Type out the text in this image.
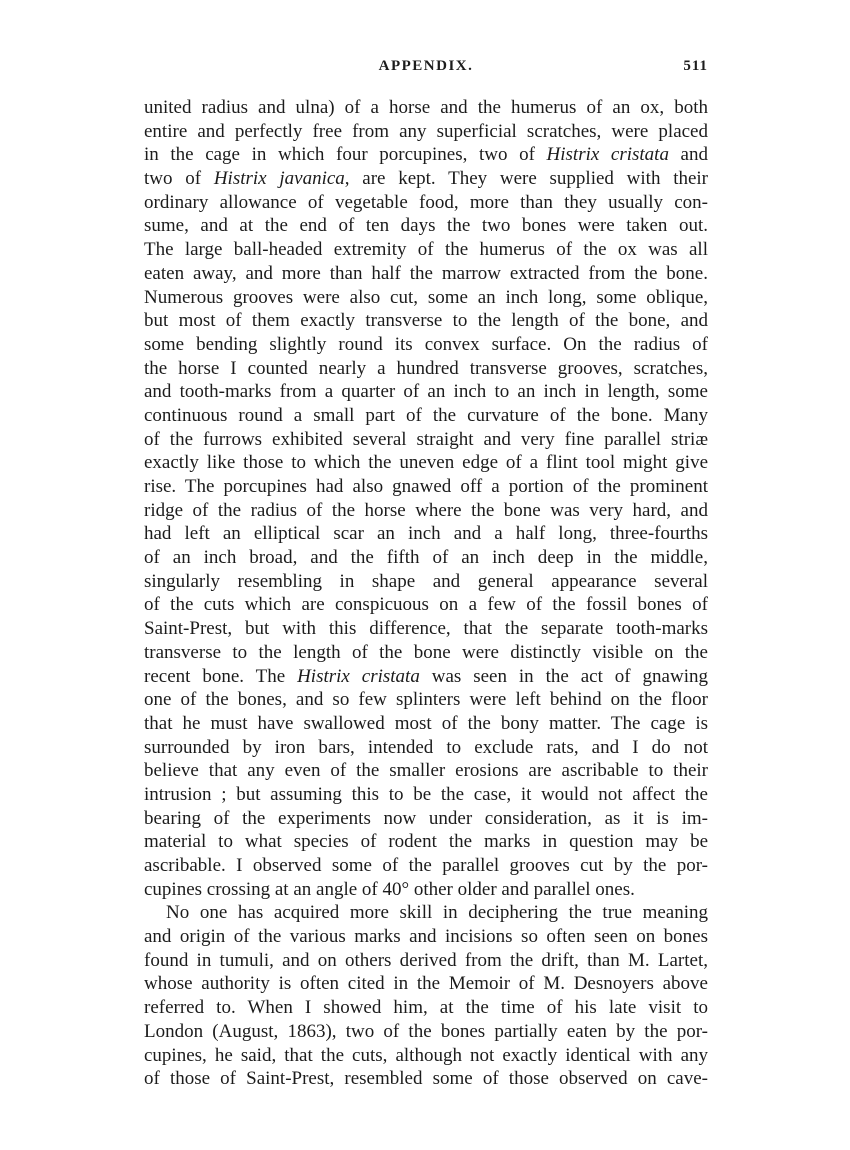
APPENDIX.	511
united radius and ulna) of a horse and the humerus of an ox, both
entire and perfectly free from any superficial scratches, were placed
in the cage in which four porcupines, two of Histrix cristata and
two of Histrix javanica, are kept. They were supplied with their
ordinary allowance of vegetable food, more than they usually con-
sume, and at the end of ten days the two bones were taken out.
The large ball-headed extremity of the humerus of the ox was all
eaten away, and more than half the marrow extracted from the bone.
Numerous grooves were also cut, some an inch long, some oblique,
but most of them exactly transverse to the length of the bone, and
some bending slightly round its convex surface. On the radius of
the horse I counted nearly a hundred transverse grooves, scratches,
and tooth-marks from a quarter of an inch to an inch in length, some
continuous round a small part of the curvature of the bone. Many
of the furrows exhibited several straight and very fine parallel striæ
exactly like those to which the uneven edge of a flint tool might give
rise. The porcupines had also gnawed off a portion of the prominent
ridge of the radius of the horse where the bone was very hard, and
had left an elliptical scar an inch and a half long, three-fourths
of an inch broad, and the fifth of an inch deep in the middle,
singularly resembling in shape and general appearance several
of the cuts which are conspicuous on a few of the fossil bones of
Saint-Prest, but with this difference, that the separate tooth-marks
transverse to the length of the bone were distinctly visible on the
recent bone. The Histrix cristata was seen in the act of gnawing
one of the bones, and so few splinters were left behind on the floor
that he must have swallowed most of the bony matter. The cage is
surrounded by iron bars, intended to exclude rats, and I do not
believe that any even of the smaller erosions are ascribable to their
intrusion ; but assuming this to be the case, it would not affect the
bearing of the experiments now under consideration, as it is im-
material to what species of rodent the marks in question may be
ascribable. I observed some of the parallel grooves cut by the por-
cupines crossing at an angle of 40° other older and parallel ones.
No one has acquired more skill in deciphering the true meaning
and origin of the various marks and incisions so often seen on bones
found in tumuli, and on others derived from the drift, than M. Lartet,
whose authority is often cited in the Memoir of M. Desnoyers above
referred to. When I showed him, at the time of his late visit to
London (August, 1863), two of the bones partially eaten by the por-
cupines, he said, that the cuts, although not exactly identical with any
of those of Saint-Prest, resembled some of those observed on cave-
